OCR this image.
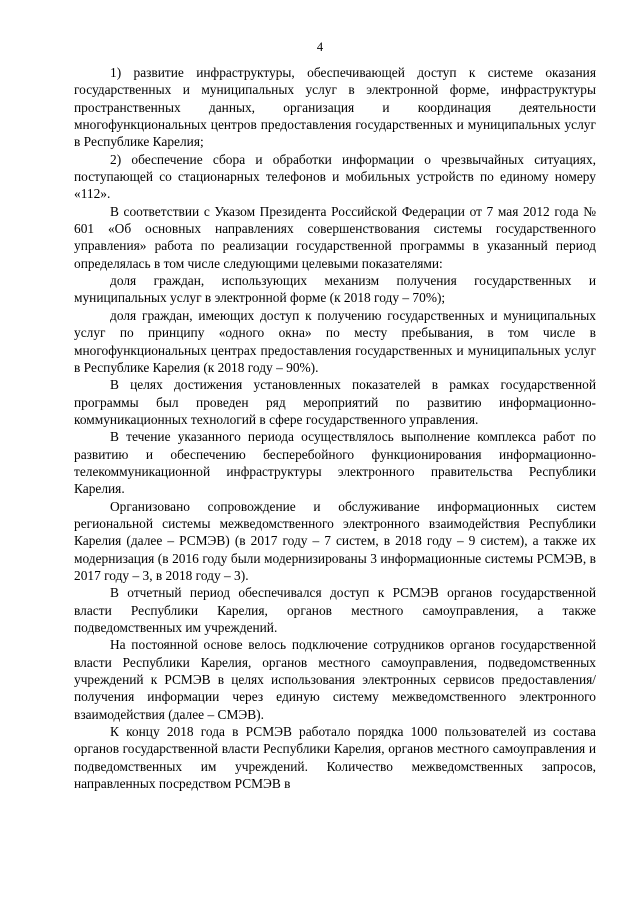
4

1) развитие инфраструктуры, обеспечивающей доступ к системе оказания государственных и муниципальных услуг в электронной форме, инфраструктуры пространственных данных, организация и координация деятельности многофункциональных центров предоставления государственных и муниципальных услуг в Республике Карелия;

2) обеспечение сбора и обработки информации о чрезвычайных ситуациях, поступающей со стационарных телефонов и мобильных устройств по единому номеру «112».

В соответствии с Указом Президента Российской Федерации от 7 мая 2012 года № 601 «Об основных направлениях совершенствования системы государственного управления» работа по реализации государственной программы в указанный период определялась в том числе следующими целевыми показателями:

доля граждан, использующих механизм получения государственных и муниципальных услуг в электронной форме (к 2018 году – 70%);

доля граждан, имеющих доступ к получению государственных и муниципальных услуг по принципу «одного окна» по месту пребывания, в том числе в многофункциональных центрах предоставления государственных и муниципальных услуг в Республике Карелия (к 2018 году – 90%).

В целях достижения установленных показателей в рамках государственной программы был проведен ряд мероприятий по развитию информационно-коммуникационных технологий в сфере государственного управления.

В течение указанного периода осуществлялось выполнение комплекса работ по развитию и обеспечению бесперебойного функционирования информационно-телекоммуникационной инфраструктуры электронного правительства Республики Карелия.

Организовано сопровождение и обслуживание информационных систем региональной системы межведомственного электронного взаимодействия Республики Карелия (далее – РСМЭВ) (в 2017 году – 7 систем, в 2018 году – 9 систем), а также их модернизация (в 2016 году были модернизированы 3 информационные системы РСМЭВ, в 2017 году – 3, в 2018 году – 3).

В отчетный период обеспечивался доступ к РСМЭВ органов государственной власти Республики Карелия, органов местного самоуправления, а также подведомственных им учреждений.

На постоянной основе велось подключение сотрудников органов государственной власти Республики Карелия, органов местного самоуправления, подведомственных учреждений к РСМЭВ в целях использования электронных сервисов предоставления/получения информации через единую систему межведомственного электронного взаимодействия (далее – СМЭВ).

К концу 2018 года в РСМЭВ работало порядка 1000 пользователей из состава органов государственной власти Республики Карелия, органов местного самоуправления и подведомственных им учреждений. Количество межведомственных запросов, направленных посредством РСМЭВ в
